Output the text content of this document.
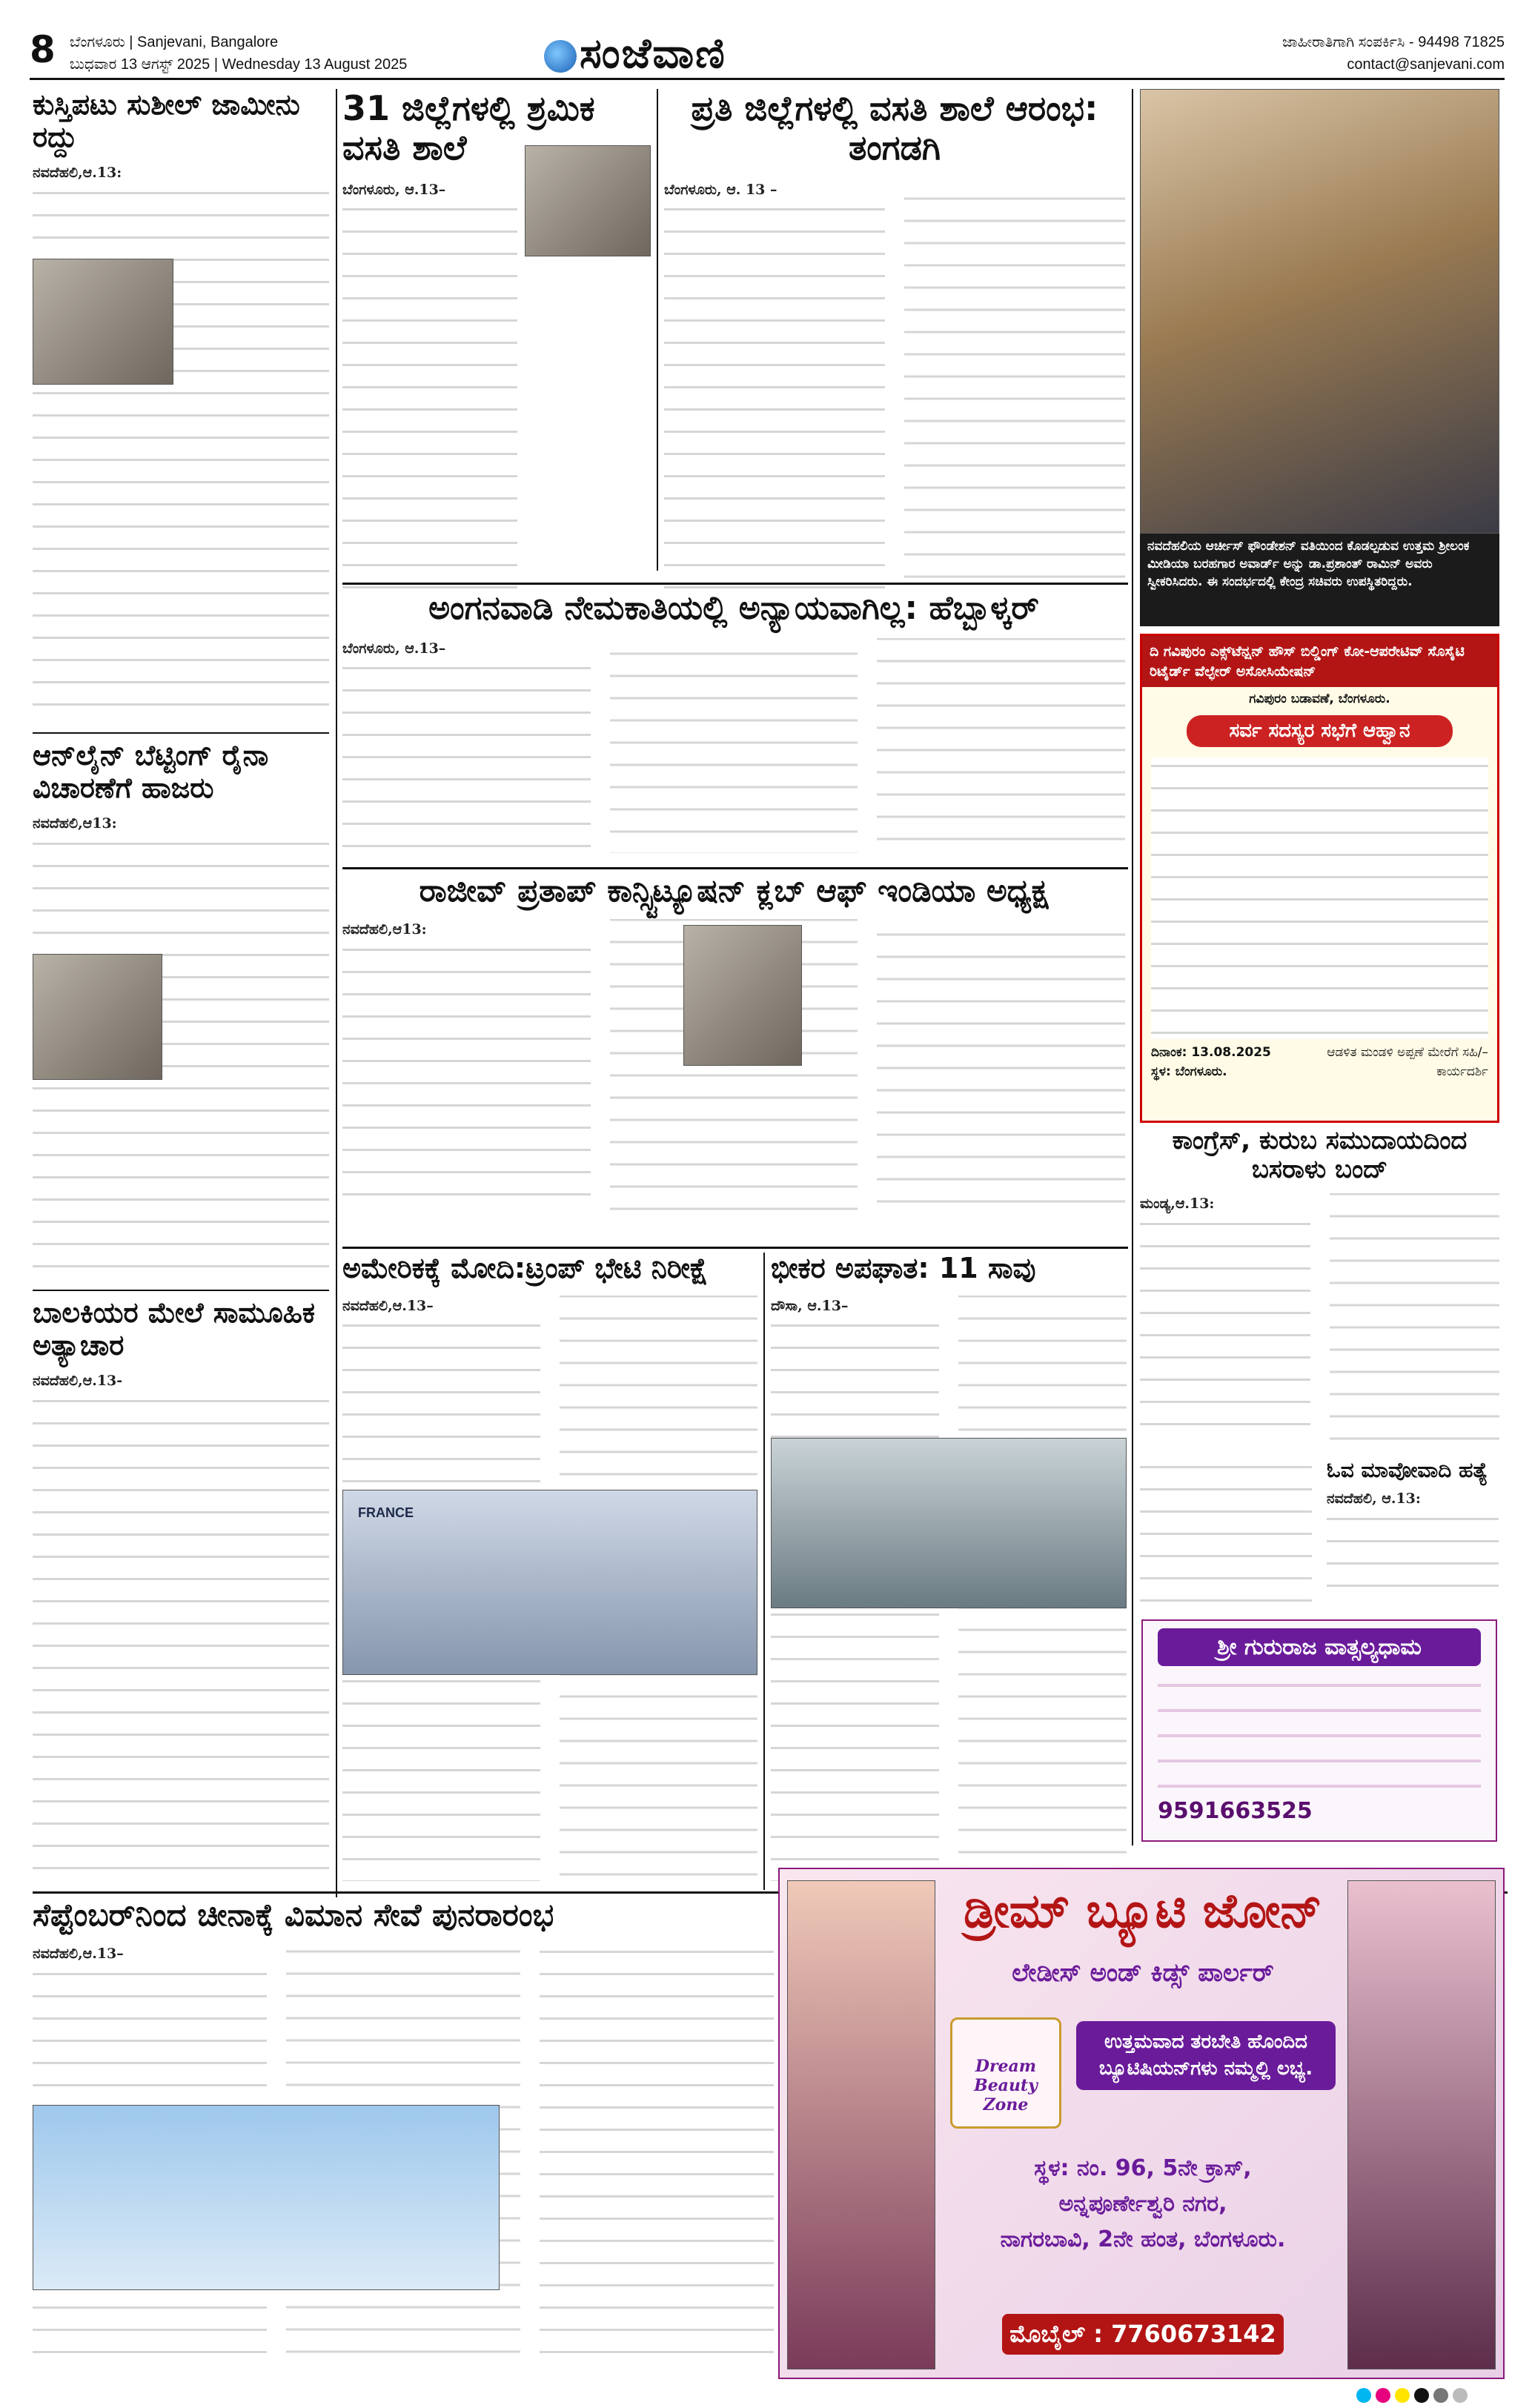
8 ಬೆಂಗಳೂರು | Sanjevani, Bangalore
ಬುಧವಾರ 13 ಆಗಸ್ಟ್ 2025 | Wednesday 13 August 2025	ಸಂಜೆವಾಣಿ	ಜಾಹೀರಾತಿಗಾಗಿ ಸಂಪರ್ಕಿಸಿ - 94498 71825
contact@sanjevani.com
ಕುಸ್ತಿಪಟು ಸುಶೀಲ್ ಜಾಮೀನು ರದ್ದು
ನವದೆಹಲಿ,ಆ.13:
ಆನ್‌ಲೈನ್ ಬೆಟ್ಟಿಂಗ್ ರೈನಾ ವಿಚಾರಣೆಗೆ ಹಾಜರು
ನವದೆಹಲಿ,ಆ13:
ಬಾಲಕಿಯರ ಮೇಲೆ ಸಾಮೂಹಿಕ ಅತ್ಯಾಚಾರ
ನವದೆಹಲಿ,ಆ.13-
31 ಜಿಲ್ಲೆಗಳಲ್ಲಿ ಶ್ರಮಿಕ ವಸತಿ ಶಾಲೆ
ಬೆಂಗಳೂರು, ಆ.13–
ಪ್ರತಿ ಜಿಲ್ಲೆಗಳಲ್ಲಿ ವಸತಿ ಶಾಲೆ ಆರಂಭ: ತಂಗಡಗಿ
ಬೆಂಗಳೂರು, ಆ. 13 –
ನವದೆಹಲಿಯ ಆರ್ಚೀಸ್ ಫೌಂಡೇಶನ್ ವತಿಯಿಂದ ಕೊಡಲ್ಪಡುವ ಉತ್ತಮ ಶ್ರೀಲಂಕ ಮೀಡಿಯಾ ಬರಹಗಾರ ಅವಾರ್ಡ್ ಅನ್ನು ಡಾ.ಪ್ರಶಾಂತ್ ರಾಮಿನ್ ಅವರು ಸ್ವೀಕರಿಸಿದರು. ಈ ಸಂದರ್ಭದಲ್ಲಿ ಕೇಂದ್ರ ಸಚಿವರು ಉಪಸ್ಥಿತರಿದ್ದರು.
ಅಂಗನವಾಡಿ ನೇಮಕಾತಿಯಲ್ಲಿ ಅನ್ಯಾಯವಾಗಿಲ್ಲ: ಹೆಬ್ಬಾಳ್ಕರ್
ಬೆಂಗಳೂರು, ಆ.13–
ರಾಜೀವ್ ಪ್ರತಾಪ್ ಕಾನ್ಸ್ಟಿಟ್ಯೂಷನ್ ಕ್ಲಬ್ ಆಫ್ ಇಂಡಿಯಾ ಅಧ್ಯಕ್ಷ
ನವದೆಹಲಿ,ಆ13:
ಅಮೇರಿಕಕ್ಕೆ ಮೋದಿ:ಟ್ರಂಪ್ ಭೇಟಿ ನಿರೀಕ್ಷೆ
ನವದೆಹಲಿ,ಆ.13–
FRANCE
ಭೀಕರ ಅಪಘಾತ: 11 ಸಾವು
ದೌಸಾ, ಆ.13–
ದಿ ಗವಿಪುರಂ ಎಕ್ಸ್‌ಟೆನ್ಷನ್ ಹೌಸ್ ಬಿಲ್ಡಿಂಗ್ ಕೋ-ಆಪರೇಟಿವ್ ಸೊಸೈಟಿ ರಿಟೈರ್ಡ್ ವೆಲ್ಫೇರ್ ಅಸೋಸಿಯೇಷನ್
ಗವಿಪುರಂ ಬಡಾವಣೆ, ಬೆಂಗಳೂರು.
ಸರ್ವ ಸದಸ್ಯರ ಸಭೆಗೆ ಆಹ್ವಾನ
ದಿನಾಂಕ: 13.08.2025
ಸ್ಥಳ: ಬೆಂಗಳೂರು.
ಆಡಳಿತ ಮಂಡಳಿ ಅಪ್ಪಣೆ ಮೇರೆಗೆ ಸಹಿ/– ಕಾರ್ಯದರ್ಶಿ
ಕಾಂಗ್ರೆಸ್, ಕುರುಬ ಸಮುದಾಯದಿಂದ ಬಸರಾಳು ಬಂದ್
ಮಂಡ್ಯ,ಆ.13:
ಓವ ಮಾವೋವಾದಿ ಹತ್ಯೆ
ನವದೆಹಲಿ, ಆ.13:
ಶ್ರೀ ಗುರುರಾಜ ವಾತ್ಸಲ್ಯಧಾಮ
9591663525
ಸೆಪ್ಟೆಂಬರ್‌ನಿಂದ ಚೀನಾಕ್ಕೆ ವಿಮಾನ ಸೇವೆ ಪುನರಾರಂಭ
ನವದೆಹಲಿ,ಆ.13–
ಡ್ರೀಮ್ ಬ್ಯೂಟಿ ಜೋನ್
ಲೇಡೀಸ್ ಅಂಡ್ ಕಿಡ್ಸ್ ಪಾರ್ಲರ್
Dream Beauty Zone
ಉತ್ತಮವಾದ ತರಬೇತಿ ಹೊಂದಿದ ಬ್ಯೂಟಿಷಿಯನ್‌ಗಳು ನಮ್ಮಲ್ಲಿ ಲಭ್ಯ.
ಸ್ಥಳ: ನಂ. 96, 5ನೇ ಕ್ರಾಸ್,
ಅನ್ನಪೂರ್ಣೇಶ್ವರಿ ನಗರ,
ನಾಗರಬಾವಿ, 2ನೇ ಹಂತ, ಬೆಂಗಳೂರು.
ಮೊಬೈಲ್ : 7760673142
